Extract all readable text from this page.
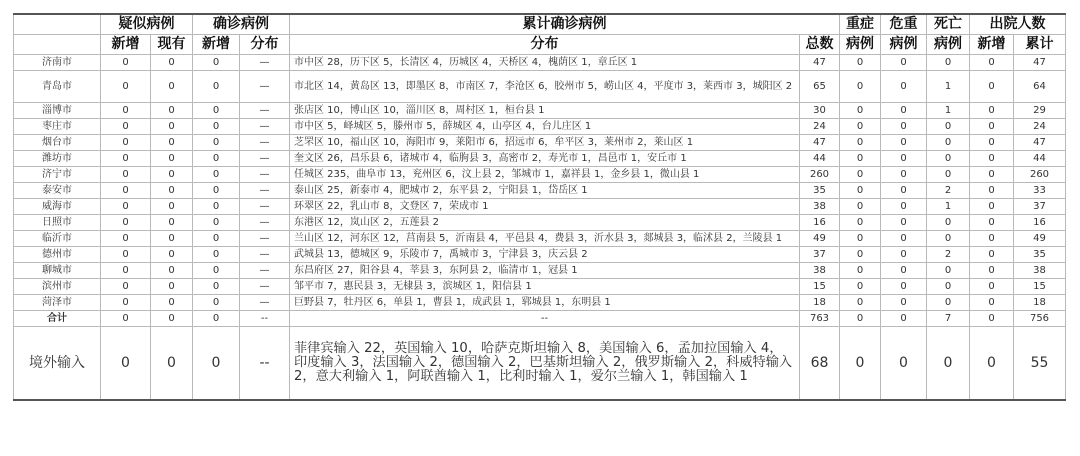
	疑似病例		确诊病例		累计确诊病例		重症	危重	死亡	出院人数	
	新增	现有	新增	分布	分布	总数	病例	病例	病例	新增	累计
济南市	0	0	0	—	市中区 28，历下区 5，长清区 4，历城区 4，天桥区 4，槐荫区 1，章丘区 1	47	0	0	0	0	47
青岛市	0	0	0	—	市北区 14，黄岛区 13，即墨区 8，市南区 7，李沧区 6，胶州市 5，崂山区 4，平度市 3，莱西市 3，城阳区 2	65	0	0	1	0	64
淄博市	0	0	0	—	张店区 10，博山区 10，淄川区 8，周村区 1，桓台县 1	30	0	0	1	0	29
枣庄市	0	0	0	—	市中区 5，峄城区 5，滕州市 5，薛城区 4，山亭区 4，台儿庄区 1	24	0	0	0	0	24
烟台市	0	0	0	—	芝罘区 10，福山区 10，海阳市 9，莱阳市 6，招远市 6，牟平区 3，莱州市 2，莱山区 1	47	0	0	0	0	47
潍坊市	0	0	0	—	奎文区 26，昌乐县 6，诸城市 4，临朐县 3，高密市 2，寿光市 1，昌邑市 1，安丘市 1	44	0	0	0	0	44
济宁市	0	0	0	—	任城区 235，曲阜市 13，兖州区 6，汶上县 2，邹城市 1，嘉祥县 1，金乡县 1，微山县 1	260	0	0	0	0	260
泰安市	0	0	0	—	泰山区 25，新泰市 4，肥城市 2，东平县 2，宁阳县 1，岱岳区 1	35	0	0	2	0	33
威海市	0	0	0	—	环翠区 22，乳山市 8，文登区 7，荣成市 1	38	0	0	1	0	37
日照市	0	0	0	—	东港区 12，岚山区 2，五莲县 2	16	0	0	0	0	16
临沂市	0	0	0	—	兰山区 12，河东区 12，莒南县 5，沂南县 4，平邑县 4，费县 3，沂水县 3，郯城县 3，临沭县 2，兰陵县 1	49	0	0	0	0	49
德州市	0	0	0	—	武城县 13，德城区 9，乐陵市 7，禹城市 3，宁津县 3，庆云县 2	37	0	0	2	0	35
聊城市	0	0	0	—	东昌府区 27，阳谷县 4，莘县 3，东阿县 2，临清市 1，冠县 1	38	0	0	0	0	38
滨州市	0	0	0	—	邹平市 7，惠民县 3，无棣县 3，滨城区 1，阳信县 1	15	0	0	0	0	15
菏泽市	0	0	0	—	巨野县 7，牡丹区 6，单县 1，曹县 1，成武县 1，郓城县 1，东明县 1	18	0	0	0	0	18
合计	0	0	0	--	--	763	0	0	7	0	756
境外输入	0	0	0	--	菲律宾输入 22，英国输入 10，哈萨克斯坦输入 8，美国输入 6，孟加拉国输入 4，印度输入 3，法国输入 2，德国输入 2，巴基斯坦输入 2，俄罗斯输入 2，科威特输入 2，意大利输入 1，阿联酋输入 1，比利时输入 1，爱尔兰输入 1，韩国输入 1	68	0	0	0	0	55
